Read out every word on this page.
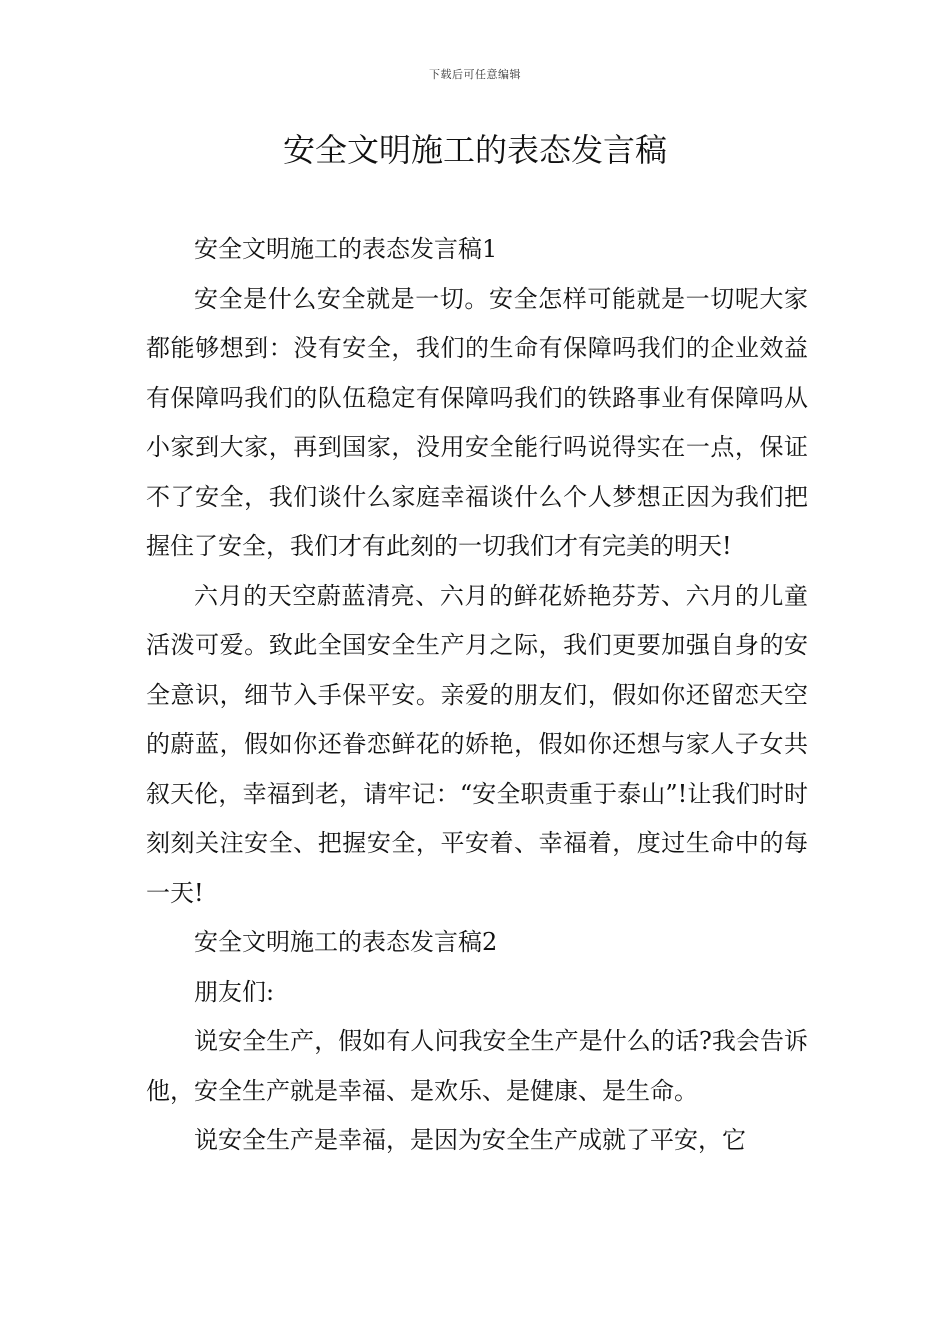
下载后可任意编辑
安全文明施工的表态发言稿

安全文明施工的表态发言稿1

安全是什么安全就是一切。安全怎样可能就是一切呢大家都能够想到：没有安全，我们的生命有保障吗我们的企业效益有保障吗我们的队伍稳定有保障吗我们的铁路事业有保障吗从小家到大家，再到国家，没用安全能行吗说得实在一点，保证不了安全，我们谈什么家庭幸福谈什么个人梦想正因为我们把握住了安全，我们才有此刻的一切我们才有完美的明天!

六月的天空蔚蓝清亮、六月的鲜花娇艳芬芳、六月的儿童活泼可爱。致此全国安全生产月之际，我们更要加强自身的安全意识，细节入手保平安。亲爱的朋友们，假如你还留恋天空的蔚蓝，假如你还眷恋鲜花的娇艳，假如你还想与家人子女共叙天伦，幸福到老，请牢记：“安全职责重于泰山”!让我们时时刻刻关注安全、把握安全，平安着、幸福着，度过生命中的每一天!

安全文明施工的表态发言稿2

朋友们:

说安全生产，假如有人问我安全生产是什么的话?我会告诉他，安全生产就是幸福、是欢乐、是健康、是生命。

说安全生产是幸福，是因为安全生产成就了平安，它
